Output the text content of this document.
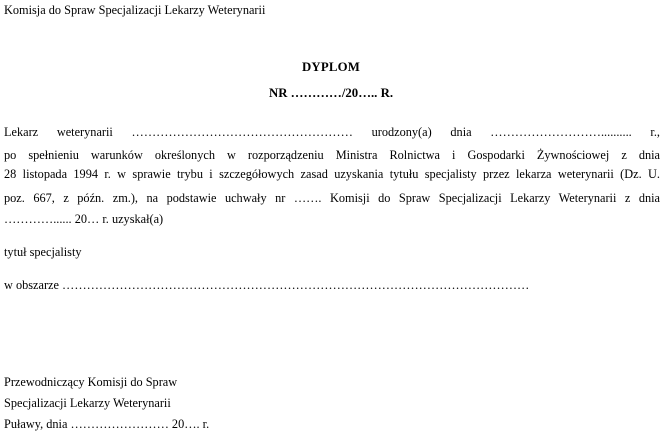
Komisja do Spraw Specjalizacji Lekarzy Weterynarii
DYPLOM
NR …………/20….. R.
Lekarz weterynarii ……………………………………………… urodzony(a) dnia ……………………….......... r.,
po spełnieniu warunków określonych w rozporządzeniu Ministra Rolnictwa i Gospodarki Żywnościowej z dnia
28 listopada 1994 r. w sprawie trybu i szczegółowych zasad uzyskania tytułu specjalisty przez lekarza weterynarii (Dz. U.
poz. 667, z późn. zm.), na podstawie uchwały nr ……. Komisji do Spraw Specjalizacji Lekarzy Weterynarii z dnia
…………...... 20… r. uzyskał(a)
tytuł specjalisty
w obszarze ……………………………………………………………………………………………………
Przewodniczący Komisji do Spraw
Specjalizacji Lekarzy Weterynarii
Puławy, dnia …………………… 20…. r.
